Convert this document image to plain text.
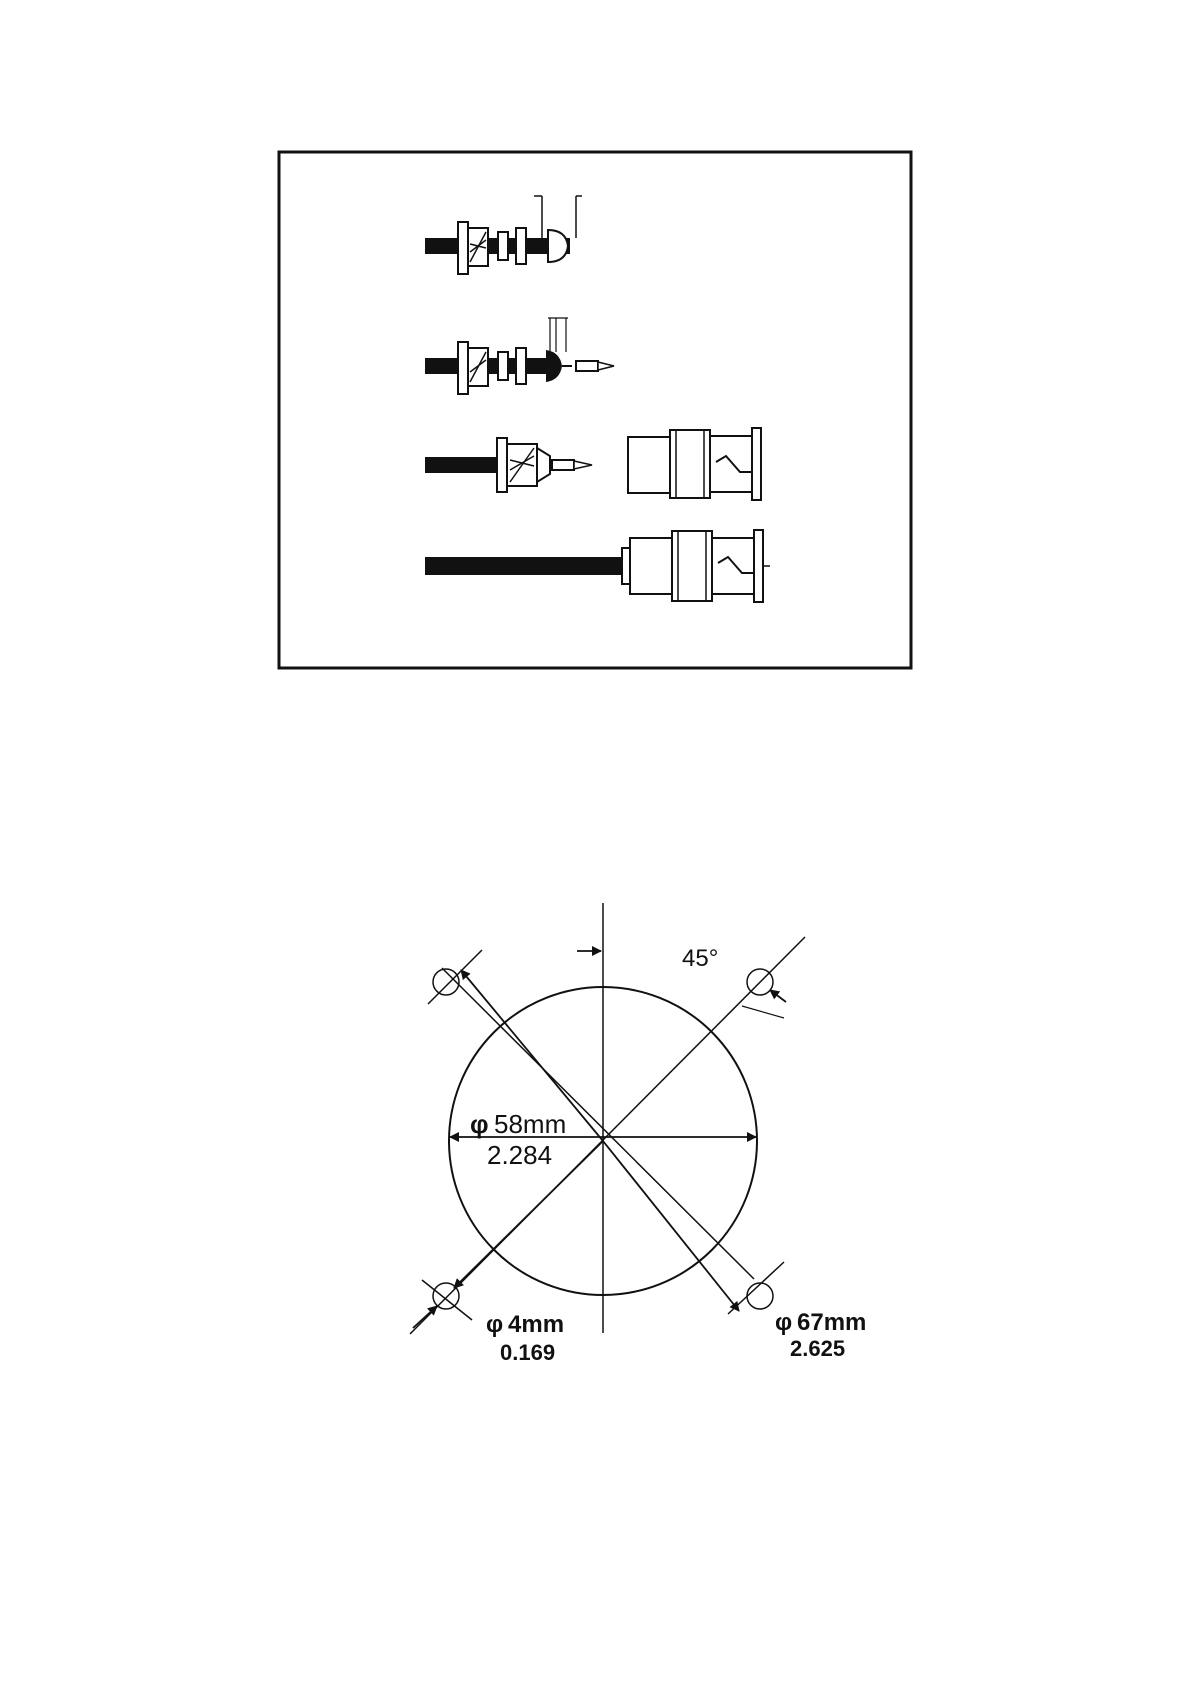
45°
φ 58mm
2.284
φ 4mm
0.169
φ 67mm
2.625
